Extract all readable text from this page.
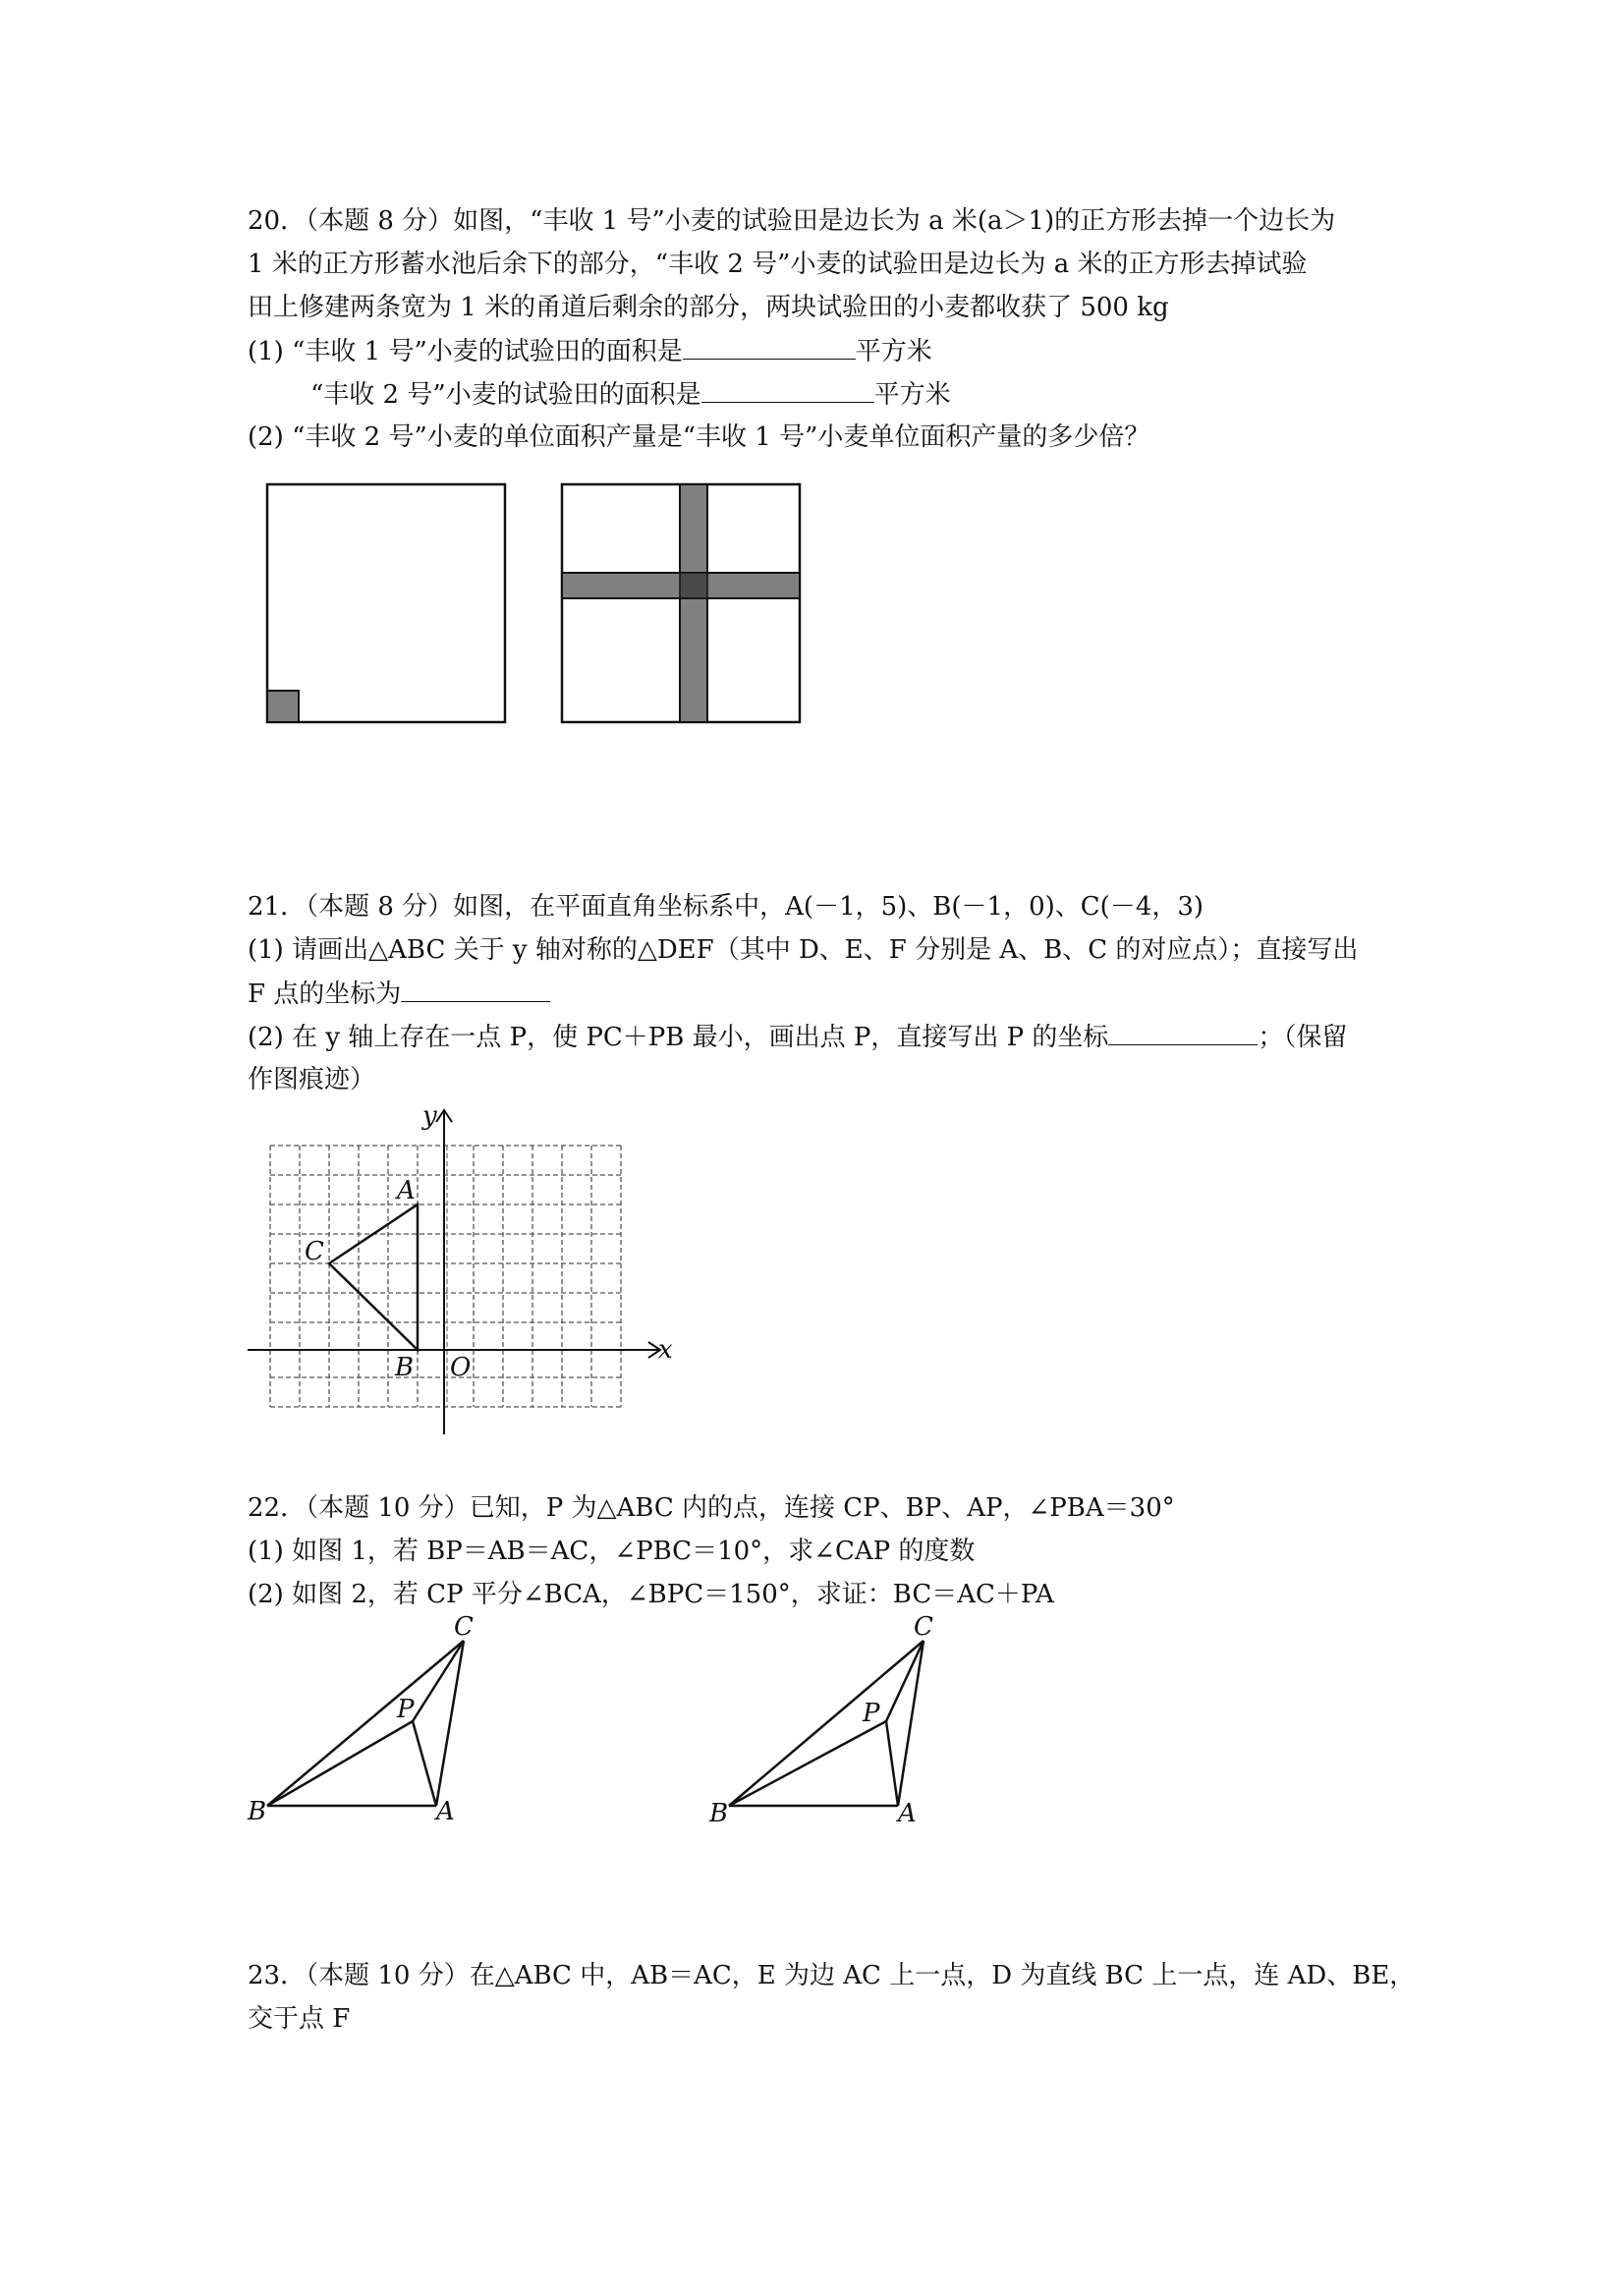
20．（本题 8 分）如图，“丰收 1 号”小麦的试验田是边长为 a 米(a＞1)的正方形去掉一个边长为
1 米的正方形蓄水池后余下的部分，“丰收 2 号”小麦的试验田是边长为 a 米的正方形去掉试验
田上修建两条宽为 1 米的甬道后剩余的部分，两块试验田的小麦都收获了 500 kg
(1) “丰收 1 号”小麦的试验田的面积是	平方米
“丰收 2 号”小麦的试验田的面积是	平方米
(2) “丰收 2 号”小麦的单位面积产量是“丰收 1 号”小麦单位面积产量的多少倍？
21．（本题 8 分）如图，在平面直角坐标系中，A(－1，5)、B(－1，0)、C(－4，3)
(1) 请画出△ABC 关于 y 轴对称的△DEF（其中 D、E、F 分别是 A、B、C 的对应点）；直接写出
F 点的坐标为
(2) 在 y 轴上存在一点 P，使 PC＋PB 最小，画出点 P，直接写出 P 的坐标	；（保留
作图痕迹）
22．（本题 10 分）已知，P 为△ABC 内的点，连接 CP、BP、AP，∠PBA＝30°
(1) 如图 1，若 BP＝AB＝AC，∠PBC＝10°，求∠CAP 的度数
(2) 如图 2，若 CP 平分∠BCA，∠BPC＝150°，求证：BC＝AC＋PA
23．（本题 10 分）在△ABC 中，AB＝AC，E 为边 AC 上一点，D 为直线 BC 上一点，连 AD、BE，
交于点 F
A
B
C
O
x
y
B	A
C
P
B	A
C
P
